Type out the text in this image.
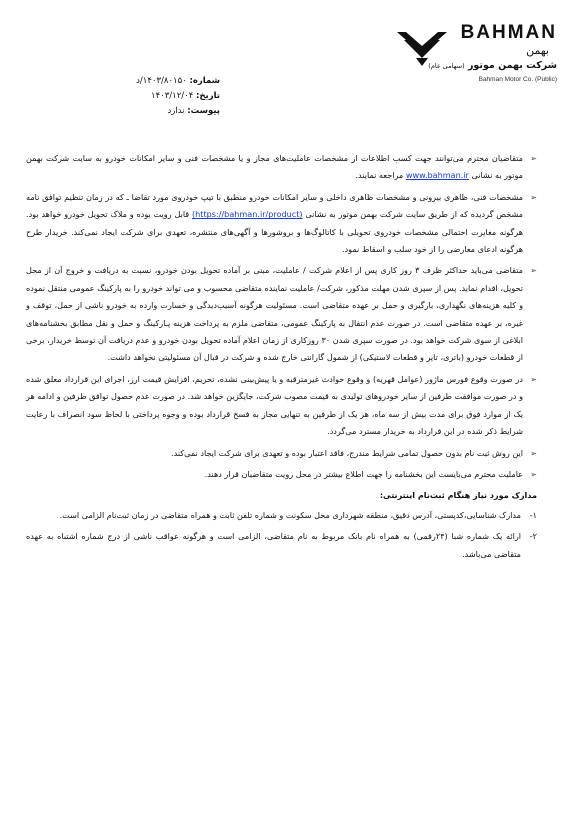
BAHMAN
بهمن
شرکت بهمن موتور (سهامی عام)
Bahman Motor Co. (Public)
شماره: ۱۴۰۳/۸۰۱۵۰/د
تاریخ: ۱۴۰۳/۱۲/۰۴
پیوست: ندارد
➢
متقاضیان محترم می‌توانند جهت کسب اطلاعات از مشخصات عاملیت‌های مجاز و یا مشخصات فنی و سایر امکانات خودرو به سایت شرکت بهمن موتور به نشانی www.bahman.ir مراجعه نمایند.
➢
مشخصات فنی، ظاهری بیرونی و مشخصات ظاهری داخلی و سایر امکانات خودرو منطبق با تیپ خودروی مورد تقاضا ـ که در زمان تنظیم توافق نامه مشخص گردیده که از طریق سایت شرکت بهمن موتور به نشانی (https://bahman.ir/product) قابل رویت بوده و ملاک تحویل خودرو خواهد بود. هرگونه مغایرت احتمالی مشخصات خودروی تحویلی با کاتالوگ‌ها و بروشورها و آگهی‌های منتشره، تعهدی برای شرکت ایجاد نمی‌کند. خریدار طرح هرگونه ادعای معارضی را از خود سلب و اسقاط نمود.
➢
متقاضی می‌باید حداکثر ظرف ۳ روز کاری پس از اعلام شرکت / عاملیت، مبنی بر آماده تحویل بودن خودرو، نسبت به دریافت و خروج آن از محل تحویل، اقدام نماید. پس از سپری شدن مهلت مذکور، شرکت/ عاملیت نماینده متقاضی محسوب و می تواند خودرو را به پارکینگ عمومی منتقل نموده و کلیه هزینه‌های نگهداری، بارگیری و حمل بر عهده متقاضی است. مسئولیت هرگونه آسیب‌دیدگی و خسارت وارده به خودرو ناشی از حمل، توقف و غیره، بر عهده متقاضی است. در صورت عدم انتقال به پارکینگ عمومی، متقاضی ملزم به پرداخت هزینه پـارکینگ و حمل و نقل مطابق بخشنامه‌های ابلاغی از سوی شرکت خواهد بود. در صورت سپری شدن ۳۰ روزکاری از زمان اعلام آماده تحویل بودن خودرو و عدم دریافت آن توسط خریدار، برخی از قطعات خودرو (باتری، تایر و قطعات لاستیکی) از شمول گارانتی خارج شده و شرکت در قبال آن مسئولیتی نخواهد داشت.
➢
در صورت وقوع فورس ماژور (عوامل قهریه) و وقوع حوادث غیرمترقبه و یا پیش‌بینی نشده، تحریم، افزایش قیمت ارز، اجرای این قرارداد معلق شده و در صورت موافقت طرفین از سایر خودروهای تولیدی به قیمت مصوب شرکت، جایگزین خواهد شد. در صورت عدم حصول توافق طرفین و ادامه هر یک از موارد فوق برای مدت بیش از سه ماه، هر یک از طرفین به تنهایی مجاز به فسخ قرارداد بوده و وجوه پرداختی با لحاظ سود انصراف با رعایت شرایط ذکر شده در این قرارداد به خریدار مسترد می‌گردد.
➢
این روش ثبت نام بدون حصول تمامی شرایط مندرج، فاقد اعتبار بوده و تعهدی برای شرکت ایجاد نمی‌کند.
➢
عاملیت محترم می‌بایست این بخشنامه را جهت اطلاع بیشتر در محل رویت متقاضیان قرار دهند.
مدارک مورد نیاز هنگام ثبت‌نام اینترنتی:
۱-
مدارک شناسایی،کدپستی، آدرس دقیق، منطقه شهرداری محل سکونت و شماره تلفن ثابت و همراه متقاضی در زمان ثبت‌نام الزامی است.
۲-
ارائه یک شماره شبا (۲۴رقمی) به همراه نام بانک مربوط به نام متقاضی، الزامی است و هرگونه عواقب ناشی از درج شماره اشتباه به عهده متقاضی می‌باشد.
